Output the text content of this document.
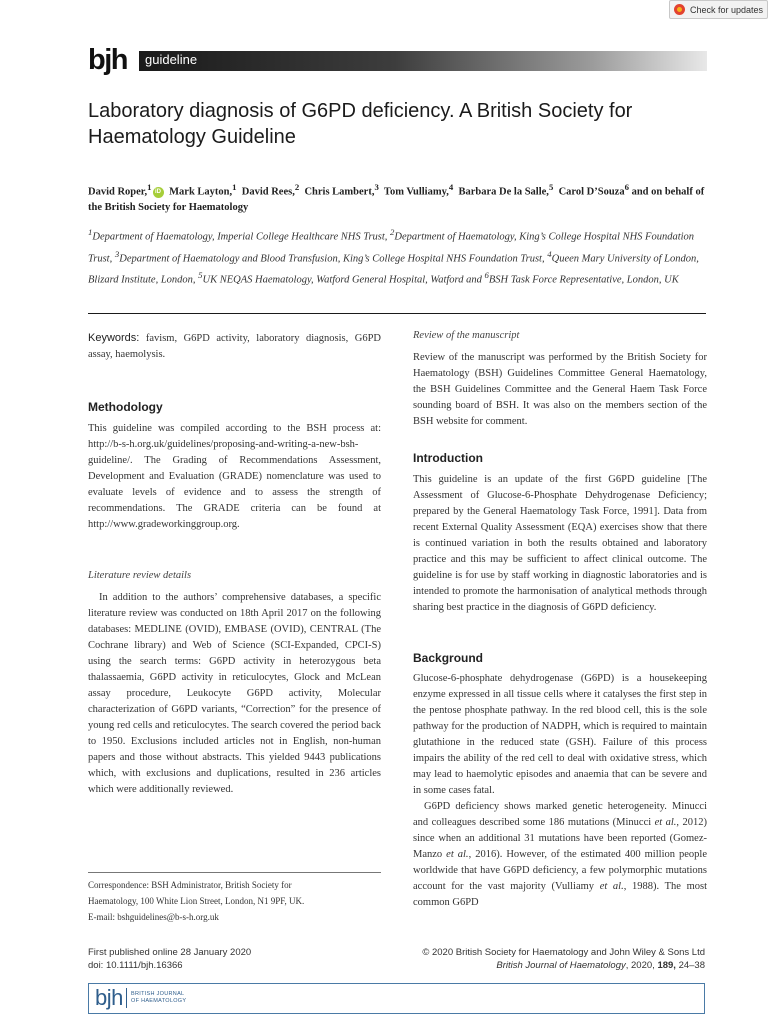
Check for updates
bjh guideline
Laboratory diagnosis of G6PD deficiency. A British Society for Haematology Guideline
David Roper,$^1$ iD Mark Layton,$^1$ David Rees,$^2$ Chris Lambert,$^3$ Tom Vulliamy,$^4$ Barbara De la Salle,$^5$ Carol D’Souza$^6$ and on behalf of the British Society for Haematology
$^1$Department of Haematology, Imperial College Healthcare NHS Trust, $^2$Department of Haematology, King’s College Hospital NHS Foundation Trust, $^3$Department of Haematology and Blood Transfusion, King’s College Hospital NHS Foundation Trust, $^4$Queen Mary University of London, Blizard Institute, London, $^5$UK NEQAS Haematology, Watford General Hospital, Watford and $^6$BSH Task Force Representative, London, UK

Keywords: favism, G6PD activity, laboratory diagnosis, G6PD assay, haemolysis.

Methodology

This guideline was compiled according to the BSH process at: http://b-s-h.org.uk/guidelines/proposing-and-writing-a-new-bsh-guideline/. The Grading of Recommendations Assessment, Development and Evaluation (GRADE) nomenclature was used to evaluate levels of evidence and to assess the strength of recommendations. The GRADE criteria can be found at http://www.gradeworkinggroup.org.

Literature review details

In addition to the authors’ comprehensive databases, a specific literature review was conducted on 18th April 2017 on the following databases: MEDLINE (OVID), EMBASE (OVID), CENTRAL (The Cochrane library) and Web of Science (SCI-Expanded, CPCI-S) using the search terms: G6PD activity in heterozygous beta thalassaemia, G6PD activity in reticulocytes, Glock and McLean assay procedure, Leukocyte G6PD activity, Molecular characterization of G6PD variants, “Correction” for the presence of young red cells and reticulocytes. The search covered the period back to 1950. Exclusions included articles not in English, non-human papers and those without abstracts. This yielded 9443 publications which, with exclusions and duplications, resulted in 236 articles which were additionally reviewed.

Correspondence: BSH Administrator, British Society for
Haematology, 100 White Lion Street, London, N1 9PF, UK.
E-mail: bshguidelines@b-s-h.org.uk
Review of the manuscript

Review of the manuscript was performed by the British Society for Haematology (BSH) Guidelines Committee General Haematology, the BSH Guidelines Committee and the General Haem Task Force sounding board of BSH. It was also on the members section of the BSH website for comment.

Introduction

This guideline is an update of the first G6PD guideline [The Assessment of Glucose-6-Phosphate Dehydrogenase Deficiency; prepared by the General Haematology Task Force, 1991]. Data from recent External Quality Assessment (EQA) exercises show that there is continued variation in both the results obtained and laboratory practice and this may be sufficient to affect clinical outcome. The guideline is for use by staff working in diagnostic laboratories and is intended to promote the harmonisation of analytical methods through sharing best practice in the diagnosis of G6PD deficiency.

Background

Glucose-6-phosphate dehydrogenase (G6PD) is a housekeeping enzyme expressed in all tissue cells where it catalyses the first step in the pentose phosphate pathway. In the red blood cell, this is the sole pathway for the production of NADPH, which is required to maintain glutathione in the reduced state (GSH). Failure of this process impairs the ability of the red cell to deal with oxidative stress, which may lead to haemolytic episodes and anaemia that can be severe and in some cases fatal.

G6PD deficiency shows marked genetic heterogeneity. Minucci and colleagues described some 186 mutations (Minucci et al., 2012) since when an additional 31 mutations have been reported (Gomez-Manzo et al., 2016). However, of the estimated 400 million people worldwide that have G6PD deficiency, a few polymorphic mutations account for the vast majority (Vulliamy et al., 1988). The most common G6PD

First published online 28 January 2020
doi: 10.1111/bjh.16366
© 2020 British Society for Haematology and John Wiley & Sons Ltd
British Journal of Haematology, 2020, 189, 24–38
bjh BRITISH JOURNAL
OF HAEMATOLOGY
